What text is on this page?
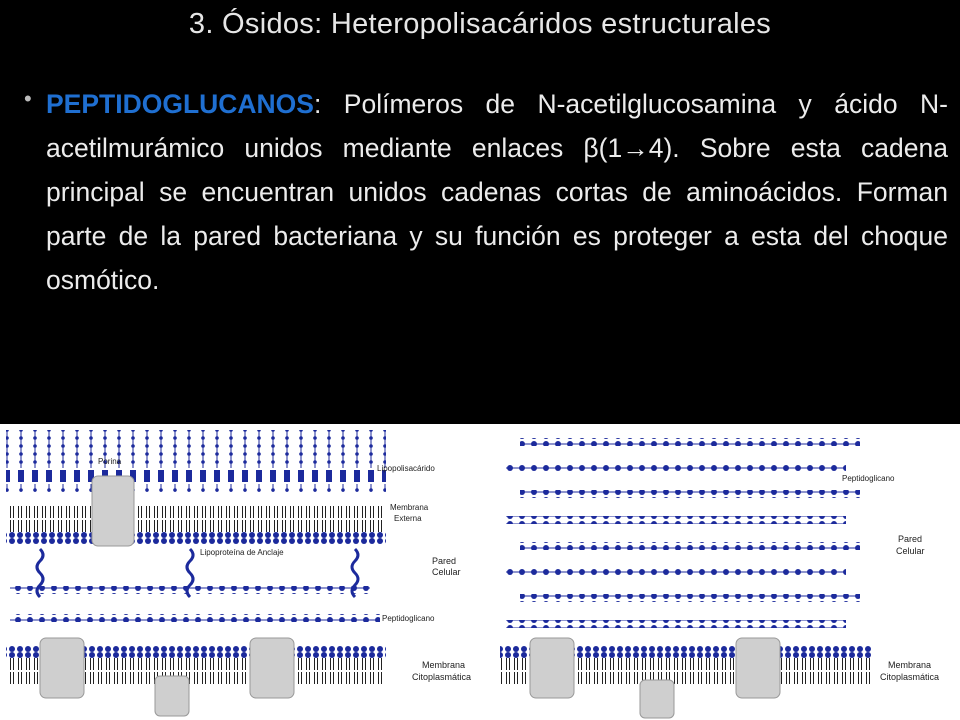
3. Ósidos: Heteropolisacáridos estructurales
• PEPTIDOGLUCANOS: Polímeros de N-acetilglucosamina y ácido N-acetilmurámico unidos mediante enlaces β(1→4). Sobre esta cadena principal se encuentran unidos cadenas cortas de aminoácidos. Forman parte de la pared bacteriana y su función es proteger a esta del choque osmótico.
Porina
Lipopolisacárido
Membrana
Externa
Lipoproteína de Anclaje
Pared
Celular
Peptidoglicano
Membrana
Citoplasmática
Peptidoglicano
Pared
Celular
Membrana
Citoplasmática
